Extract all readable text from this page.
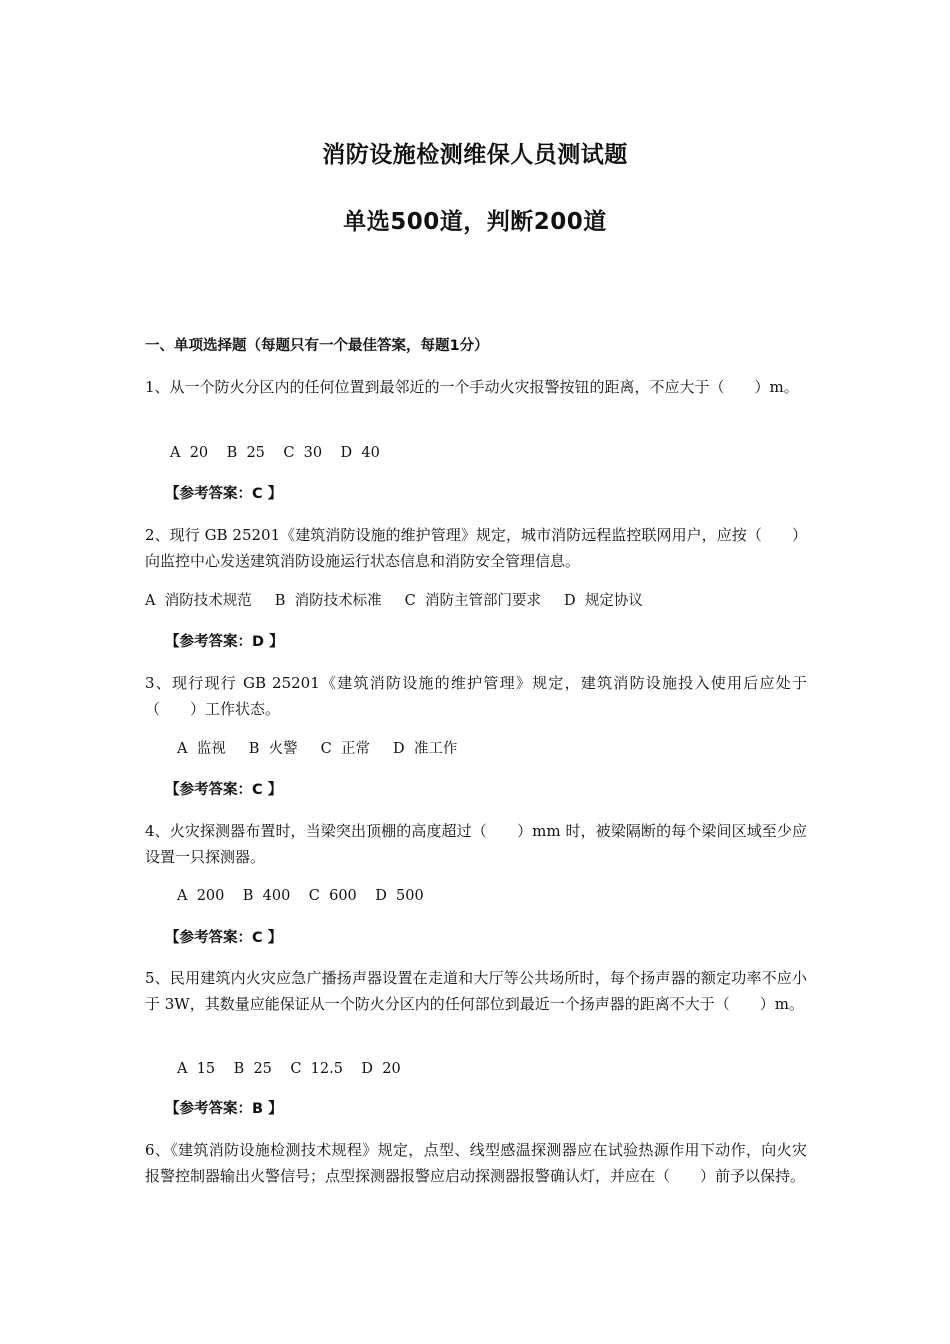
消防设施检测维保人员测试题
单选500道，判断200道
一、单项选择题（每题只有一个最佳答案，每题1分）
1、从一个防火分区内的任何位置到最邻近的一个手动火灾报警按钮的距离，不应大于（　　）m。
A  20    B  25    C  30    D  40
【参考答案：C 】
2、现行 GB 25201《建筑消防设施的维护管理》规定，城市消防远程监控联网用户，应按（　　）向监控中心发送建筑消防设施运行状态信息和消防安全管理信息。
A  消防技术规范     B  消防技术标准     C  消防主管部门要求     D  规定协议
【参考答案：D 】
3、现行现行 GB 25201《建筑消防设施的维护管理》规定，建筑消防设施投入使用后应处于（　　）工作状态。
A  监视     B  火警     C  正常     D  准工作
【参考答案：C 】
4、火灾探测器布置时，当梁突出顶棚的高度超过（　　）mm 时，被梁隔断的每个梁间区域至少应设置一只探测器。
A  200    B  400    C  600    D  500
【参考答案：C 】
5、民用建筑内火灾应急广播扬声器设置在走道和大厅等公共场所时，每个扬声器的额定功率不应小于 3W，其数量应能保证从一个防火分区内的任何部位到最近一个扬声器的距离不大于（　　）m。
A  15    B  25    C  12.5    D  20
【参考答案：B 】
6、《建筑消防设施检测技术规程》规定，点型、线型感温探测器应在试验热源作用下动作，向火灾报警控制器输出火警信号；点型探测器报警应启动探测器报警确认灯，并应在（　　）前予以保持。
